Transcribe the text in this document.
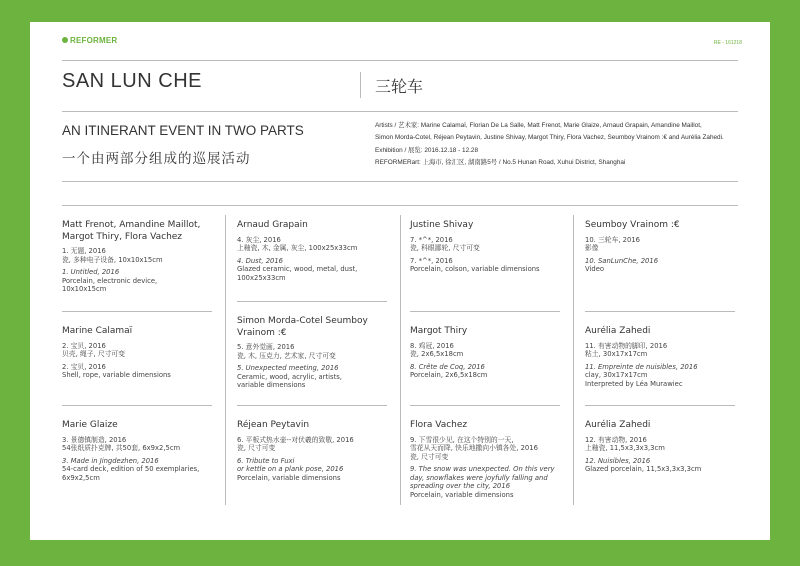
REFORMER	RE - 161218
SAN LUN CHE	三轮车
AN ITINERANT EVENT IN TWO PARTS
一个由两部分组成的巡展活动
Artists / 艺术家: Marine Calamaï, Florian De La Salle, Matt Frenot, Marie Glaize, Arnaud Grapain, Amandine Maillot,
Simon Morda-Cotel, Réjean Peytavin, Justine Shivay, Margot Thiry, Flora Vachez, Seumboy Vrainom :€ and Aurélia Zahedi.
Exhibition / 展览: 2016.12.18 - 12.28
REFORMERart: 上海市, 徐汇区, 湖南路5号 / No.5 Hunan Road, Xuhui District, Shanghai
Matt Frenot, Amandine Maillot, Margot Thiry, Flora Vachez
1. 无题, 2016
瓷, 多种电子设备, 10x10x15cm
1. Untitled, 2016
Porcelain, electronic device,
10x10x15cm
Arnaud Grapain
4. 灰尘, 2016
上釉瓷, 木, 金属, 灰尘, 100x25x33cm
4. Dust, 2016
Glazed ceramic, wood, metal, dust,
100x25x33cm
Justine Shivay
7. *^*, 2016
瓷, 科眼鄙轮, 尺寸可变
7. *^*, 2016
Porcelain, colson, variable dimensions
Seumboy Vrainom :€
10. 三轮车, 2016
影像
10. SanLunChe, 2016
Video
Marine Calamaï
2. 宝贝, 2016
贝壳, 绳子, 尺寸可变
2. 宝贝, 2016
Shell, rope, variable dimensions
Simon Morda-Cotel Seumboy Vrainom :€
5. 意外觉画, 2016
瓷, 木, 压克力, 艺术家, 尺寸可变
5. Unexpected meeting, 2016
Ceramic, wood, acrylic, artists,
variable dimensions
Margot Thiry
8. 鸡冠, 2016
瓷, 2x6,5x18cm
8. Crête de Coq, 2016
Porcelain, 2x6,5x18cm
Aurélia Zahedi
11. 有害动物的脚印, 2016
粘土, 30x17x17cm
11. Empreinte de nuisibles, 2016
clay, 30x17x17cm
Interpreted by Léa Murawiec
Marie Glaize
3. 景德镇制造, 2016
54张纸质扑克牌, 共50套, 6x9x2,5cm
3. Made in Jingdezhen, 2016
54-card deck, edition of 50 exemplaries,
6x9x2,5cm
Réjean Peytavin
6. 平板式热水壶--对伏羲的致敬, 2016
瓷, 尺寸可变
6. Tribute to Fuxi
or kettle on a plank pose, 2016
Porcelain, variable dimensions
Flora Vachez
9. 下雪很少见, 在这个特别的一天,
雪花从天而降, 快乐地撒向小镇各处, 2016
瓷, 尺寸可变
9. The snow was unexpected. On this very
day, snowflakes were joyfully falling and
spreading over the city, 2016
Porcelain, variable dimensions
Aurélia Zahedi
12. 有害动物, 2016
上釉瓷, 11,5x3,3x3,3cm
12. Nuisibles, 2016
Glazed porcelain, 11,5x3,3x3,3cm
